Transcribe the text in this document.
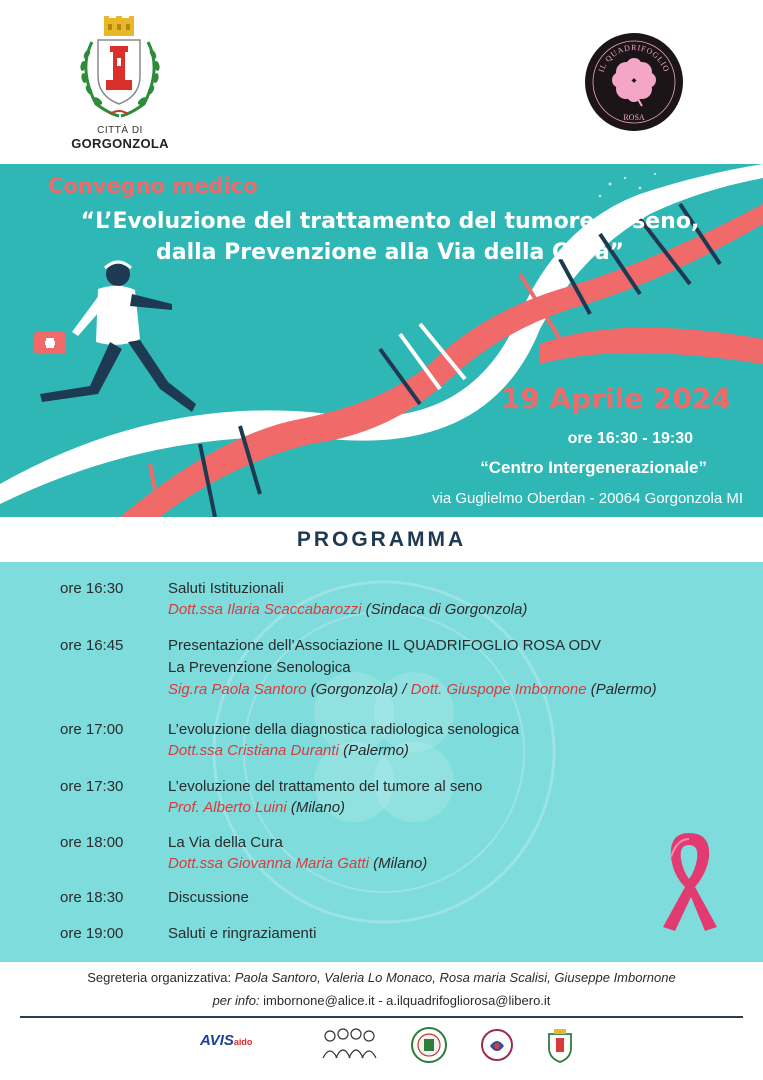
CITTÀ DI
GORGONZOLA
IL QUADRIFOGLIO
ROSA
Convegno medico
“L’Evoluzione del trattamento del tumore al seno,
dalla Prevenzione alla Via della Cura”
19 Aprile 2024
ore 16:30 - 19:30
“Centro Intergenerazionale”
via Guglielmo Oberdan - 20064 Gorgonzola MI
PROGRAMMA
ore 16:30	Saluti Istituzionali
Dott.ssa Ilaria Scaccabarozzi (Sindaca di Gorgonzola)
ore 16:45	Presentazione dell’Associazione IL QUADRIFOGLIO ROSA ODV
La Prevenzione Senologica
Sig.ra Paola Santoro (Gorgonzola) / Dott. Giuspope Imbornone (Palermo)
ore 17:00	L’evoluzione della diagnostica radiologica senologica
Dott.ssa Cristiana Duranti (Palermo)
ore 17:30	L’evoluzione del trattamento del tumore al seno
Prof. Alberto Luini (Milano)
ore 18:00	La Via della Cura
Dott.ssa Giovanna Maria Gatti (Milano)
ore 18:30	Discussione
ore 19:00	Saluti e ringraziamenti
Segreteria organizzativa: Paola Santoro, Valeria Lo Monaco, Rosa maria Scalisi, Giuseppe Imbornone
per info: imbornone@alice.it - a.ilquadrifogliorosa@libero.it
AVISaido
